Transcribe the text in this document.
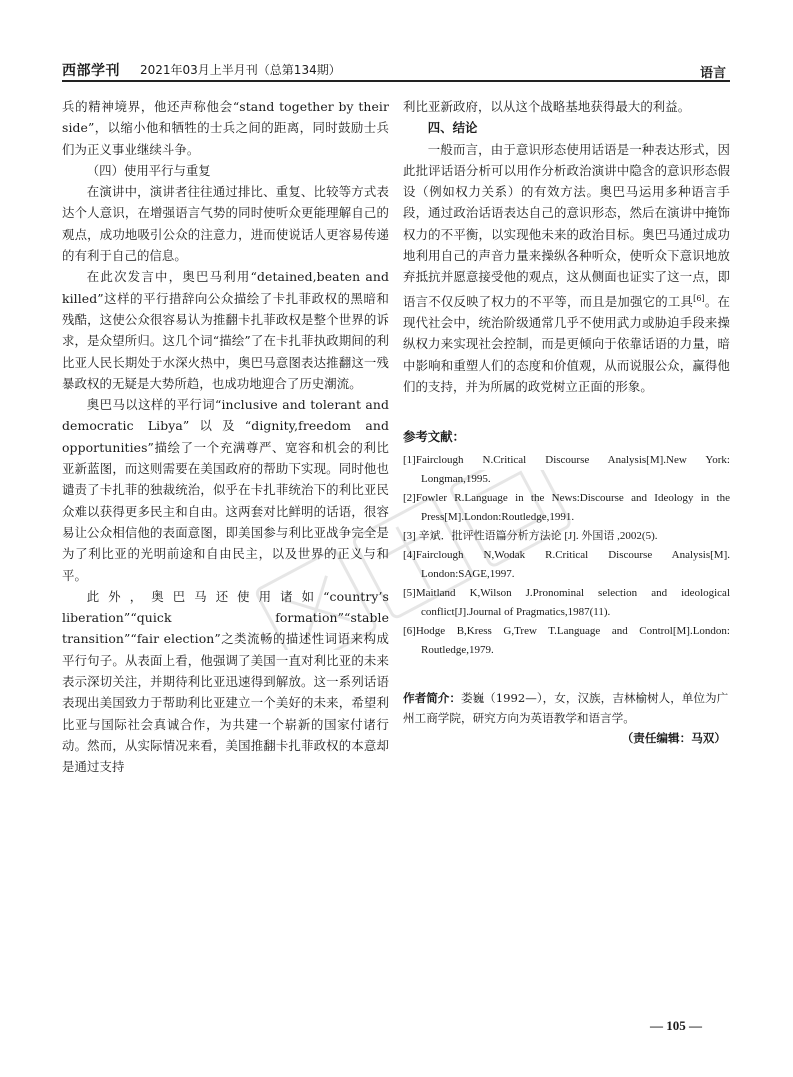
西部学刊 2021年03月上半月刊（总第134期）	语言

兵的精神境界，他还声称他会“stand together by their side”，以缩小他和牺牲的士兵之间的距离，同时鼓励士兵们为正义事业继续斗争。

（四）使用平行与重复

在演讲中，演讲者往往通过排比、重复、比较等方式表达个人意识，在增强语言气势的同时使听众更能理解自己的观点，成功地吸引公众的注意力，进而使说话人更容易传递的有利于自己的信息。

在此次发言中，奥巴马利用“detained,beaten and killed”这样的平行措辞向公众描绘了卡扎菲政权的黑暗和残酷，这使公众很容易认为推翻卡扎菲政权是整个世界的诉求，是众望所归。这几个词“描绘”了在卡扎菲执政期间的利比亚人民长期处于水深火热中，奥巴马意图表达推翻这一残暴政权的无疑是大势所趋，也成功地迎合了历史潮流。

奥巴马以这样的平行词“inclusive and tolerant and democratic Libya”以及“dignity,freedom and opportunities”描绘了一个充满尊严、宽容和机会的利比亚新蓝图，而这则需要在美国政府的帮助下实现。同时他也谴责了卡扎菲的独裁统治，似乎在卡扎菲统治下的利比亚民众难以获得更多民主和自由。这两套对比鲜明的话语，很容易让公众相信他的表面意图，即美国参与利比亚战争完全是为了利比亚的光明前途和自由民主，以及世界的正义与和平。

此外，奥巴马还使用诸如“country’s liberation”“quick formation”“stable transition”“fair election”之类流畅的描述性词语来构成平行句子。从表面上看，他强调了美国一直对利比亚的未来表示深切关注，并期待利比亚迅速得到解放。这一系列话语表现出美国致力于帮助利比亚建立一个美好的未来，希望利比亚与国际社会真诚合作，为共建一个崭新的国家付诸行动。然而，从实际情况来看，美国推翻卡扎菲政权的本意却是通过支持

利比亚新政府，以从这个战略基地获得最大的利益。

四、结论

一般而言，由于意识形态使用话语是一种表达形式，因此批评话语分析可以用作分析政治演讲中隐含的意识形态假设（例如权力关系）的有效方法。奥巴马运用多种语言手段，通过政治话语表达自己的意识形态，然后在演讲中掩饰权力的不平衡，以实现他未来的政治目标。奥巴马通过成功地利用自己的声音力量来操纵各种听众，使听众下意识地放弃抵抗并愿意接受他的观点，这从侧面也证实了这一点，即语言不仅反映了权力的不平等，而且是加强它的工具[6]。在现代社会中，统治阶级通常几乎不使用武力或胁迫手段来操纵权力来实现社会控制，而是更倾向于依靠话语的力量，暗中影响和重塑人们的态度和价值观，从而说服公众，赢得他们的支持，并为所属的政党树立正面的形象。

参考文献：

[1]Fairclough N.Critical Discourse Analysis[M].New York: Longman,1995.

[2]Fowler R.Language in the News:Discourse and Ideology in the Press[M].London:Routledge,1991.

[3] 辛斌．批评性语篇分析方法论 [J]. 外国语 ,2002(5).

[4]Fairclough N,Wodak R.Critical Discourse Analysis[M]. London:SAGE,1997.

[5]Maitland K,Wilson J.Pronominal selection and ideological conflict[J].Journal of Pragmatics,1987(11).

[6]Hodge B,Kress G,Trew T.Language and Control[M].London: Routledge,1979.

作者简介：娄巍（1992—），女，汉族，吉林榆树人，单位为广州工商学院，研究方向为英语教学和语言学。
（责任编辑：马双）
— 105 —
